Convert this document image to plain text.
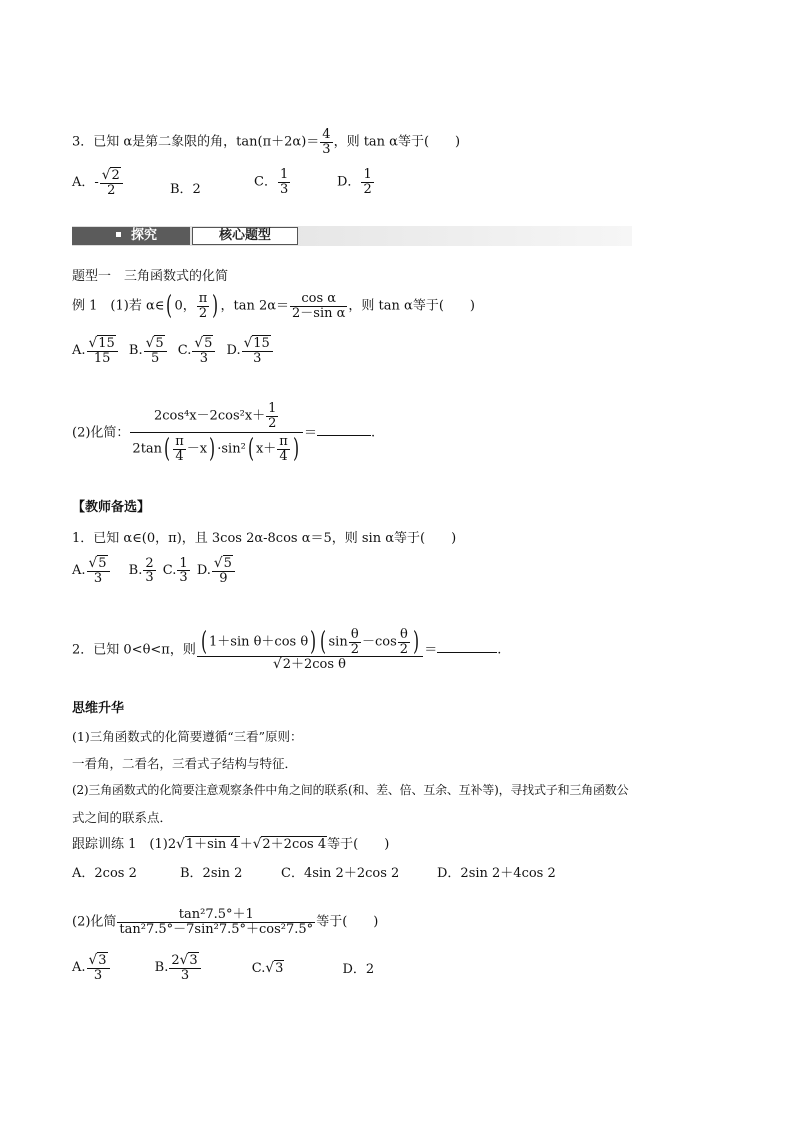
3．已知 α是第二象限的角，$\tan(\pi+2\alpha)= \frac{4}{3}$ ，则 tan α等于(　　)
A．- $\frac{√2}{2}$	B．2	C． $\frac{1}{3}$	D． $\frac{1}{2}$
探究	核心题型
题型一　三角函数式的化简
例 1　(1)若 α∈( 0， $\frac{\pi}{2}$ ) ，$\tan 2\alpha= \frac{\text{cos α}}{\text{2－sin α}}$ ，则 tan α等于(　　)
A. $\frac{√15}{15} B$. $\frac{√5}{5} C$. $\frac{√5}{3} D$. $\frac{√15}{3}$
(2)化简： $\frac{2\cos^4x-2\cos^2x+ \frac{1}{2}}{2\tan( \frac{\pi}{4} -x) \cdot\sin^2( x+ \frac{\pi}{4} )}$ ＝	.
【教师备选】
1．已知 α∈(0，π)，且 3cos 2α-8cos α＝5，则 sin α等于(　　)
A. $\frac{√5}{3} B$. $\frac{2}{3} C$. $\frac{1}{3} D$. $\frac{√5}{9}$
2．已知 0<θ<π，则 $\frac{( 1+\sin \theta+\cos \theta) ( \sin \frac{\theta}{2} -\cos \frac{\theta}{2} )}{\text{√2＋2cos θ}}$ ＝	.
思维升华
(1)三角函数式的化简要遵循“三看”原则：
一看角，二看名，三看式子结构与特征．
(2)三角函数式的化简要注意观察条件中角之间的联系(和、差、倍、互余、互补等)，寻找式子和三角函数公
式之间的联系点．
跟踪训练 1　(1)2√1＋sin 4＋√2＋2cos 4等于(　　)
A．2cos 2	B．2sin 2	C．4sin 2＋2cos 2	D．2sin 2＋4cos 2
(2)化简 $\frac{\text{tan²7.5°＋1}}{\text{tan²7.5°－7sin²7.5°＋cos²7.5°}}$ 等于(　　)
A. $\frac{√3}{3}$	B. $\frac{2√3}{3}$	C.√3	D．2
